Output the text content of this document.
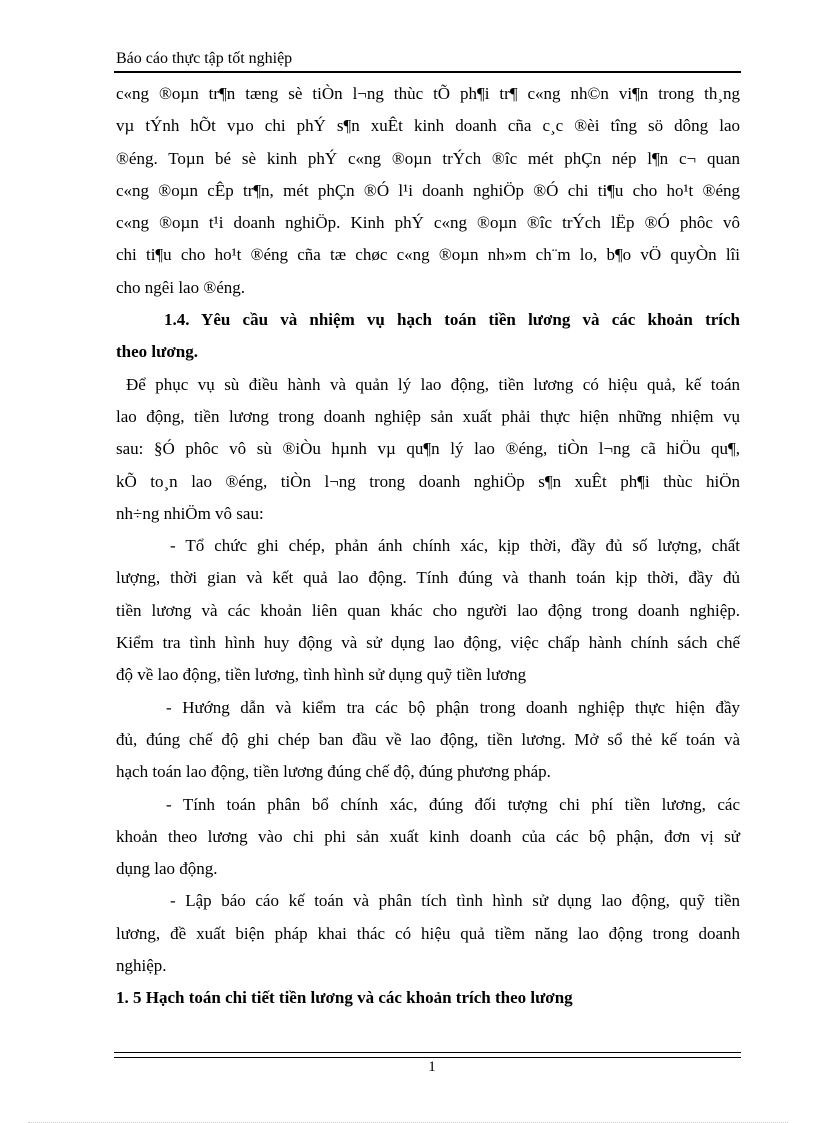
Báo cáo thực tập tốt nghiệp
c«ng ®oµn tr¶n tæng sè tiÒn l¬ng thùc tÕ ph¶i tr¶ c«ng nh©n vi¶n trong th¸ng
vµ tÝnh hÕt vµo chi phÝ s¶n xuÊt kinh doanh cña c¸c ®èi tîng sö dông lao
®éng. Toµn bé sè kinh phÝ c«ng ®oµn trÝch ®îc mét phÇn nép l¶n c¬ quan
c«ng ®oµn cÊp tr¶n, mét phÇn ®Ó l¹i doanh nghiÖp ®Ó chi ti¶u cho ho¹t ®éng
c«ng ®oµn t¹i doanh nghiÖp. Kinh phÝ c«ng ®oµn ®îc trÝch lËp ®Ó phôc vô
chi ti¶u cho ho¹t ®éng cña tæ chøc c«ng ®oµn nh»m ch¨m lo, b¶o vÖ quyÒn lîi
cho ngêi lao ®éng.
1.4. Yêu cầu và nhiệm vụ hạch toán tiền lương và các khoản trích
theo lương.
Để phục vụ sù điều hành và quản lý lao động, tiền lương có hiệu quả, kế toán
lao động, tiền lương trong doanh nghiệp sản xuất phải thực hiện những nhiệm vụ
sau: §Ó phôc vô sù ®iÒu hµnh vµ qu¶n lý lao ®éng, tiÒn l¬ng cã hiÖu qu¶,
kÕ to¸n lao ®éng, tiÒn l¬ng trong doanh nghiÖp s¶n xuÊt ph¶i thùc hiÖn
nh÷ng nhiÖm vô sau:
- Tổ chức ghi chép, phản ánh chính xác, kịp thời, đầy đủ số lượng, chất
lượng, thời gian và kết quả lao động. Tính đúng và thanh toán kịp thời, đầy đủ
tiền lương và các khoản liên quan khác cho người lao động trong doanh nghiệp.
Kiểm tra tình hình huy động và sử dụng lao động, việc chấp hành chính sách chế
độ về lao động, tiền lương, tình hình sử dụng quỹ tiền lương
- Hướng dẫn và kiểm tra các bộ phận trong doanh nghiệp thực hiện đầy
đủ, đúng chế độ ghi chép ban đầu về lao động, tiền lương. Mở sổ thẻ kế toán và
hạch toán lao động, tiền lương đúng chế độ, đúng phương pháp.
- Tính toán phân bổ chính xác, đúng đối tượng chi phí tiền lương, các
khoản theo lương vào chi phi sản xuất kinh doanh của các bộ phận, đơn vị sử
dụng lao động.
- Lập báo cáo kế toán và phân tích tình hình sử dụng lao động, quỹ tiền
lương, đề xuất biện pháp khai thác có hiệu quả tiềm năng lao động trong doanh
nghiệp.
1. 5 Hạch toán chi tiết tiền lương và các khoản trích theo lương
1
